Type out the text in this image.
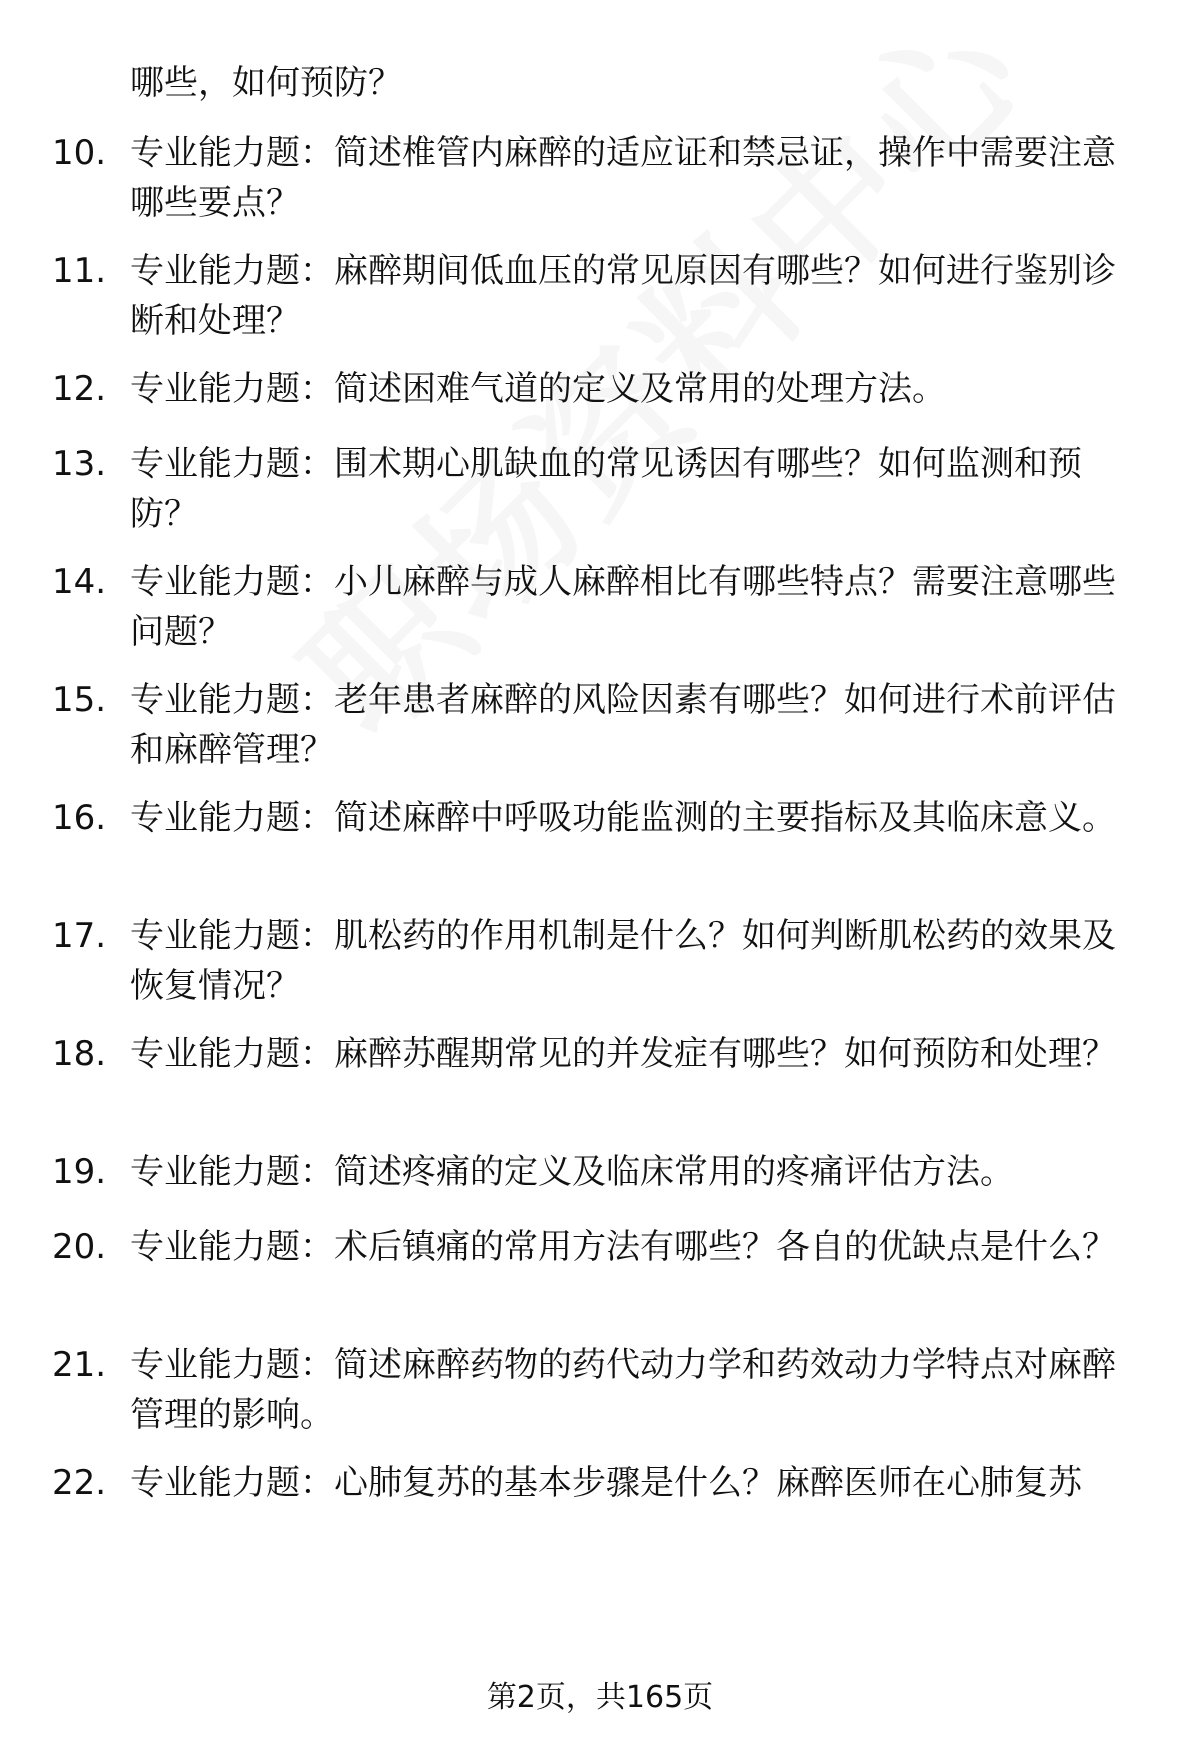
哪些，如何预防？
10. 专业能力题：简述椎管内麻醉的适应证和禁忌证，操作中需要注意哪些要点？
11. 专业能力题：麻醉期间低血压的常见原因有哪些？如何进行鉴别诊断和处理？
12. 专业能力题：简述困难气道的定义及常用的处理方法。
13. 专业能力题：围术期心肌缺血的常见诱因有哪些？如何监测和预防？
14. 专业能力题：小儿麻醉与成人麻醉相比有哪些特点？需要注意哪些问题？
15. 专业能力题：老年患者麻醉的风险因素有哪些？如何进行术前评估和麻醉管理？
16. 专业能力题：简述麻醉中呼吸功能监测的主要指标及其临床意义。
17. 专业能力题：肌松药的作用机制是什么？如何判断肌松药的效果及恢复情况？
18. 专业能力题：麻醉苏醒期常见的并发症有哪些？如何预防和处理？
19. 专业能力题：简述疼痛的定义及临床常用的疼痛评估方法。
20. 专业能力题：术后镇痛的常用方法有哪些？各自的优缺点是什么？
21. 专业能力题：简述麻醉药物的药代动力学和药效动力学特点对麻醉管理的影响。
22. 专业能力题：心肺复苏的基本步骤是什么？麻醉医师在心肺复苏
第2页，共165页
